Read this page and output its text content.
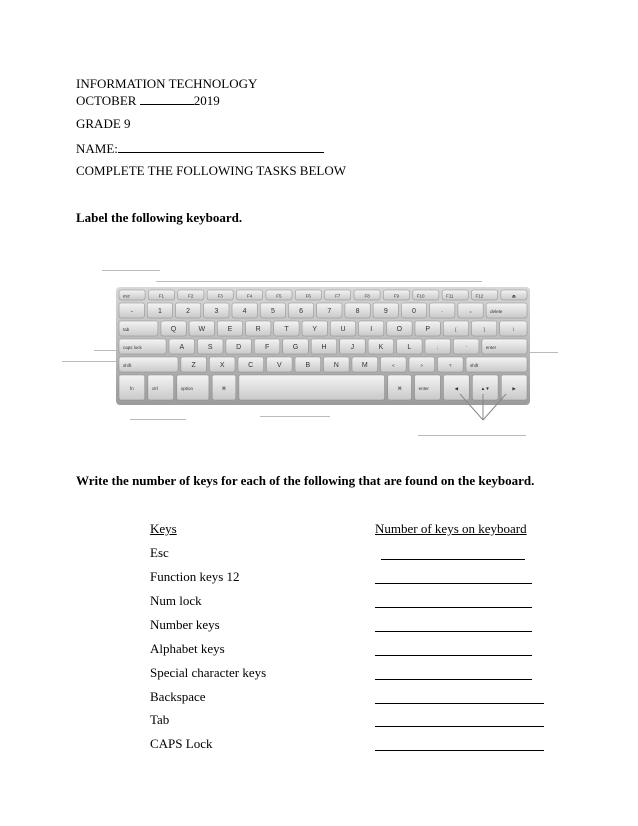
INFORMATION TECHNOLOGY
OCTOBER	2019
GRADE 9
NAME:
COMPLETE THE FOLLOWING TASKS BELOW
Label the following keyboard.
esc	F1	F2	F3	F4	F5	F6	F7	F8	F9	F10	F11	F12	⏏
~	1	2	3	4	5	6	7	8	9	0	-	=	delete
tab	Q	W	E	R	T	Y	U	I	O	P	[	]	\
caps lock	A	S	D	F	G	H	J	K	L	;	'	enter
shift	Z	X	C	V	B	N	M	<	>	?	shift
fn	ctrl	option	⌘	⌘	enter	◀	▲▼	▶
Write the number of keys for each of the following that are found on the keyboard.
Keys	Number of keys on keyboard
Esc
Function keys 12
Num lock
Number keys
Alphabet keys
Special character keys
Backspace
Tab
CAPS Lock
